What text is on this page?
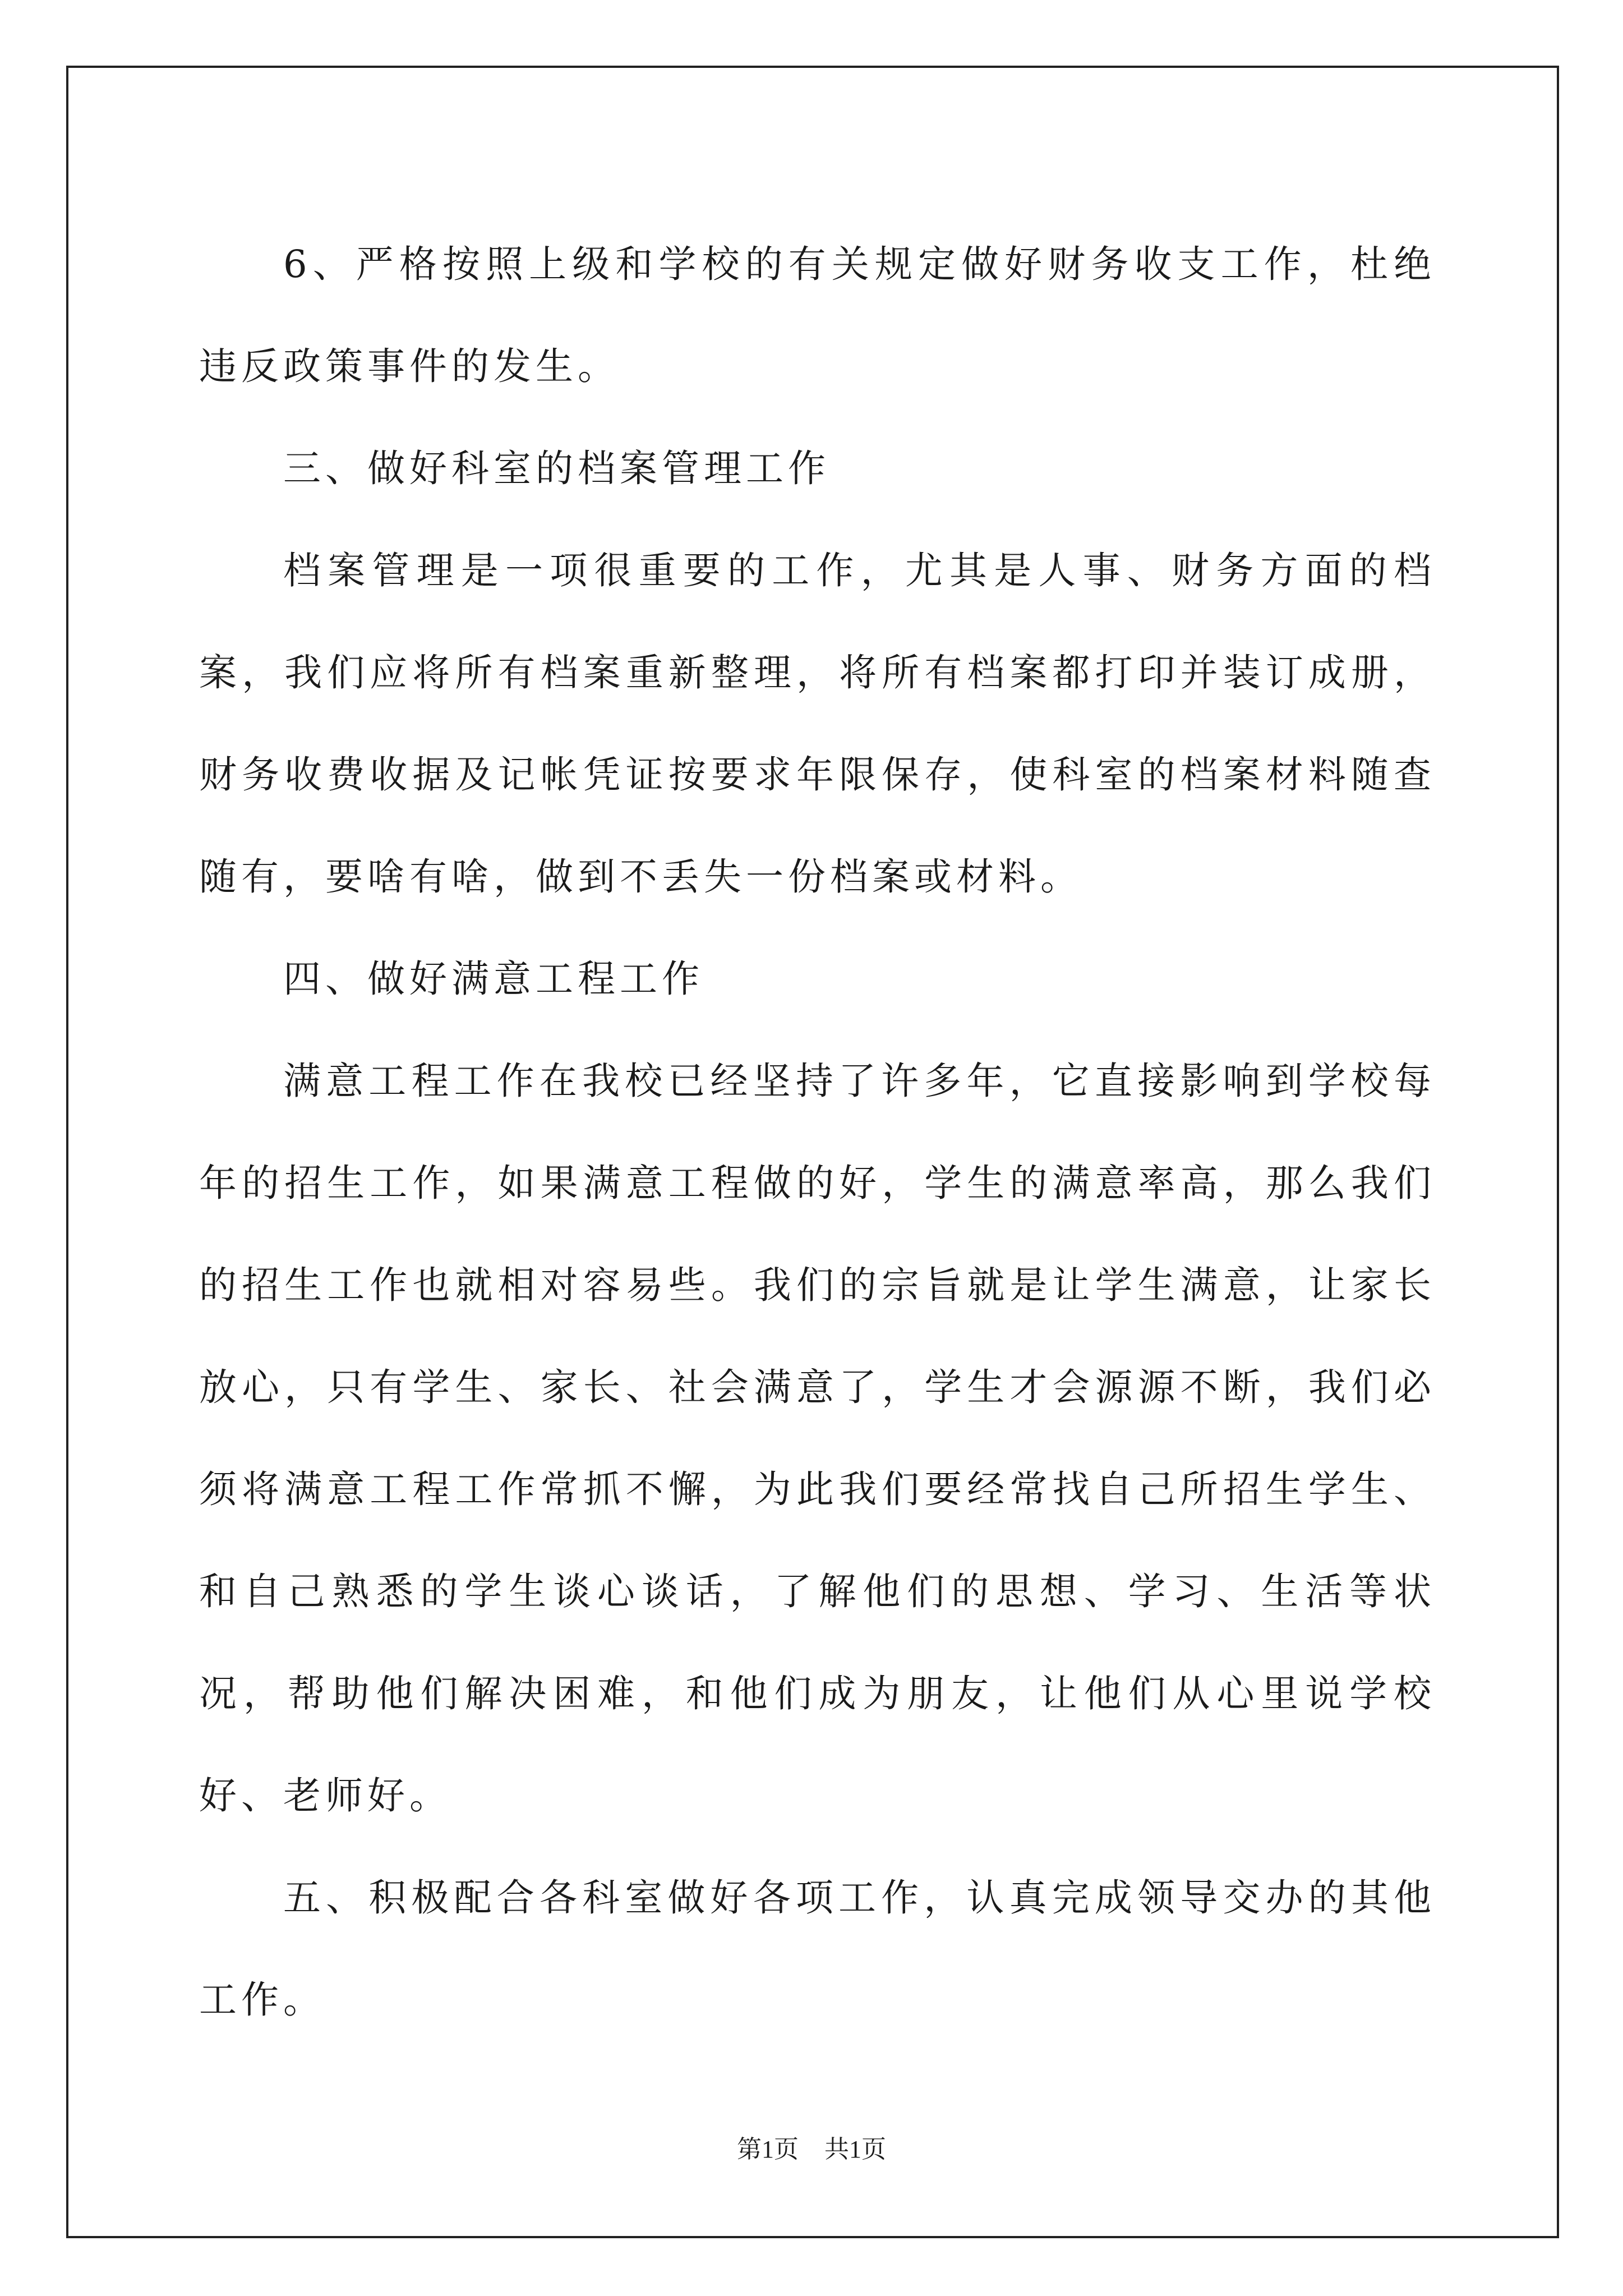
6、严格按照上级和学校的有关规定做好财务收支工作，杜绝违反政策事件的发生。

三、做好科室的档案管理工作

档案管理是一项很重要的工作，尤其是人事、财务方面的档案，我们应将所有档案重新整理，将所有档案都打印并装订成册，财务收费收据及记帐凭证按要求年限保存，使科室的档案材料随查随有，要啥有啥，做到不丢失一份档案或材料。

四、做好满意工程工作

满意工程工作在我校已经坚持了许多年，它直接影响到学校每年的招生工作，如果满意工程做的好，学生的满意率高，那么我们的招生工作也就相对容易些。我们的宗旨就是让学生满意，让家长放心，只有学生、家长、社会满意了，学生才会源源不断，我们必须将满意工程工作常抓不懈，为此我们要经常找自己所招生学生、和自己熟悉的学生谈心谈话，了解他们的思想、学习、生活等状况，帮助他们解决困难，和他们成为朋友，让他们从心里说学校好、老师好。

五、积极配合各科室做好各项工作，认真完成领导交办的其他工作。

第1页 共1页
